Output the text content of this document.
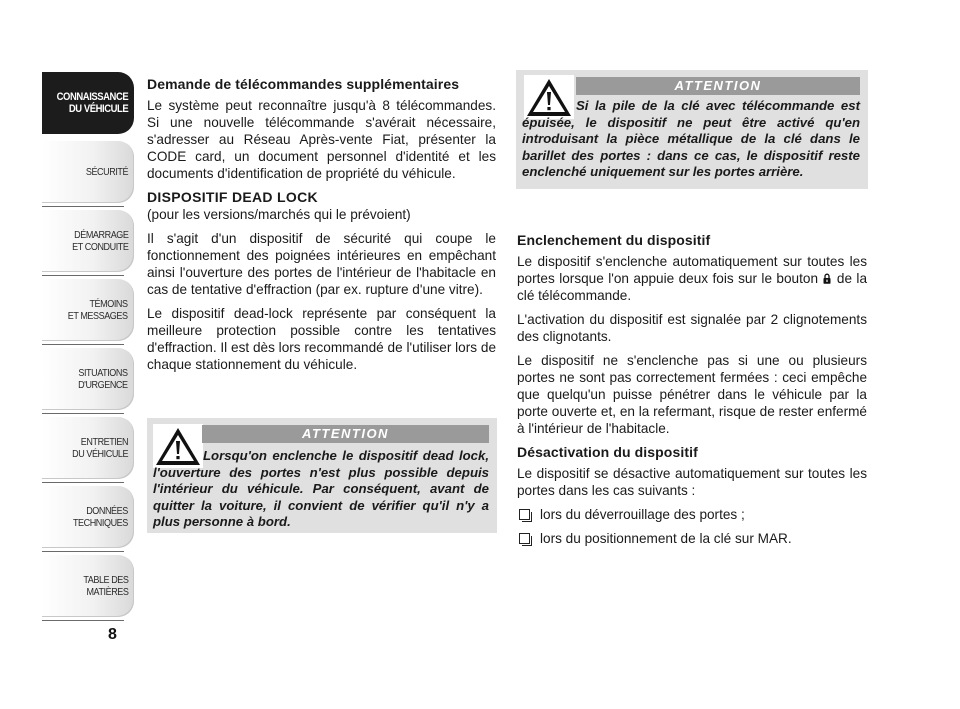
CONNAISSANCE
DU VÉHICULE
SÉCURITÉ
DÉMARRAGE
ET CONDUITE
TÉMOINS
ET MESSAGES
SITUATIONS
D'URGENCE
ENTRETIEN
DU VÉHICULE
DONNÉES
TECHNIQUES
TABLE DES
MATIÈRES
8
Demande de télécommandes supplémentaires

Le système peut reconnaître jusqu'à 8 télécommandes. Si une nouvelle télécommande s'avérait nécessaire, s'adresser au Réseau Après-vente Fiat, présenter la CODE card, un document personnel d'identité et les documents d'identification de propriété du véhicule.

DISPOSITIF DEAD LOCK
(pour les versions/marchés qui le prévoient)

Il s'agit d'un dispositif de sécurité qui coupe le fonctionnement des poignées intérieures en empêchant ainsi l'ouverture des portes de l'intérieur de l'habitacle en cas de tentative d'effraction (par ex. rupture d'une vitre).

Le dispositif dead-lock représente par conséquent la meilleure protection possible contre les tentatives d'effraction. Il est dès lors recommandé de l'utiliser lors de chaque stationnement du véhicule.

ATTENTION
Si la pile de la clé avec télécommande est épuisée, le dispositif ne peut être activé qu'en introduisant la pièce métallique de la clé dans le barillet des portes : dans ce cas, le dispositif reste enclenché uniquement sur les portes arrière.
ATTENTION
Lorsqu'on enclenche le dispositif dead lock, l'ouverture des portes n'est plus possible depuis l'intérieur du véhicule. Par conséquent, avant de quitter la voiture, il convient de vérifier qu'il n'y a plus personne à bord.
Enclenchement du dispositif

Le dispositif s'enclenche automatiquement sur toutes les portes lorsque l'on appuie deux fois sur le bouton de la clé télécommande.

L'activation du dispositif est signalée par 2 clignotements des clignotants.

Le dispositif ne s'enclenche pas si une ou plusieurs portes ne sont pas correctement fermées : ceci empêche que quelqu'un puisse pénétrer dans le véhicule par la porte ouverte et, en la refermant, risque de rester enfermé à l'intérieur de l'habitacle.

Désactivation du dispositif

Le dispositif se désactive automatiquement sur toutes les portes dans les cas suivants :

lors du déverrouillage des portes ;
lors du positionnement de la clé sur MAR.
